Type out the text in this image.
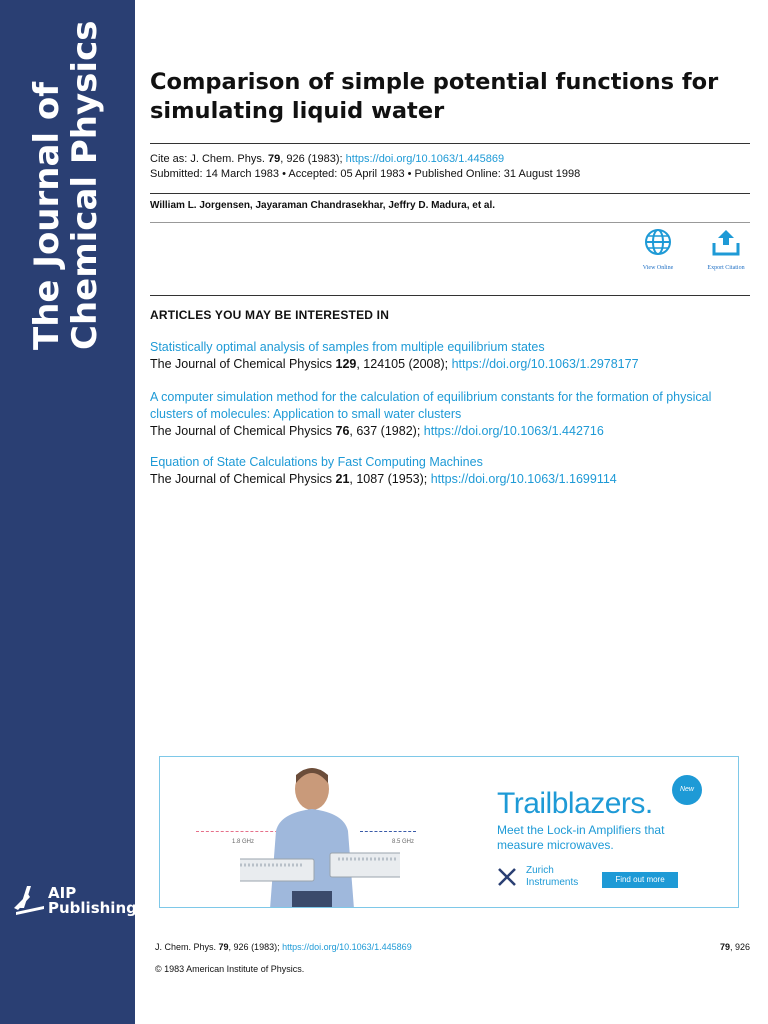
The Journal of
Chemical Physics
AIP
Publishing
Comparison of simple potential functions for simulating liquid water
Cite as: J. Chem. Phys. 79, 926 (1983); https://doi.org/10.1063/1.445869
Submitted: 14 March 1983 • Accepted: 05 April 1983 • Published Online: 31 August 1998
William L. Jorgensen, Jayaraman Chandrasekhar, Jeffry D. Madura, et al.
View Online	Export Citation
ARTICLES YOU MAY BE INTERESTED IN
Statistically optimal analysis of samples from multiple equilibrium states
The Journal of Chemical Physics 129, 124105 (2008); https://doi.org/10.1063/1.2978177
A computer simulation method for the calculation of equilibrium constants for the formation of physical clusters of molecules: Application to small water clusters
The Journal of Chemical Physics 76, 637 (1982); https://doi.org/10.1063/1.442716
Equation of State Calculations by Fast Computing Machines
The Journal of Chemical Physics 21, 1087 (1953); https://doi.org/10.1063/1.1699114
1.8 GHz	8.5 GHz
New
Trailblazers.
Meet the Lock-in Amplifiers that measure microwaves.
Zurich
Instruments	Find out more
J. Chem. Phys. 79, 926 (1983); https://doi.org/10.1063/1.445869	79, 926
© 1983 American Institute of Physics.
